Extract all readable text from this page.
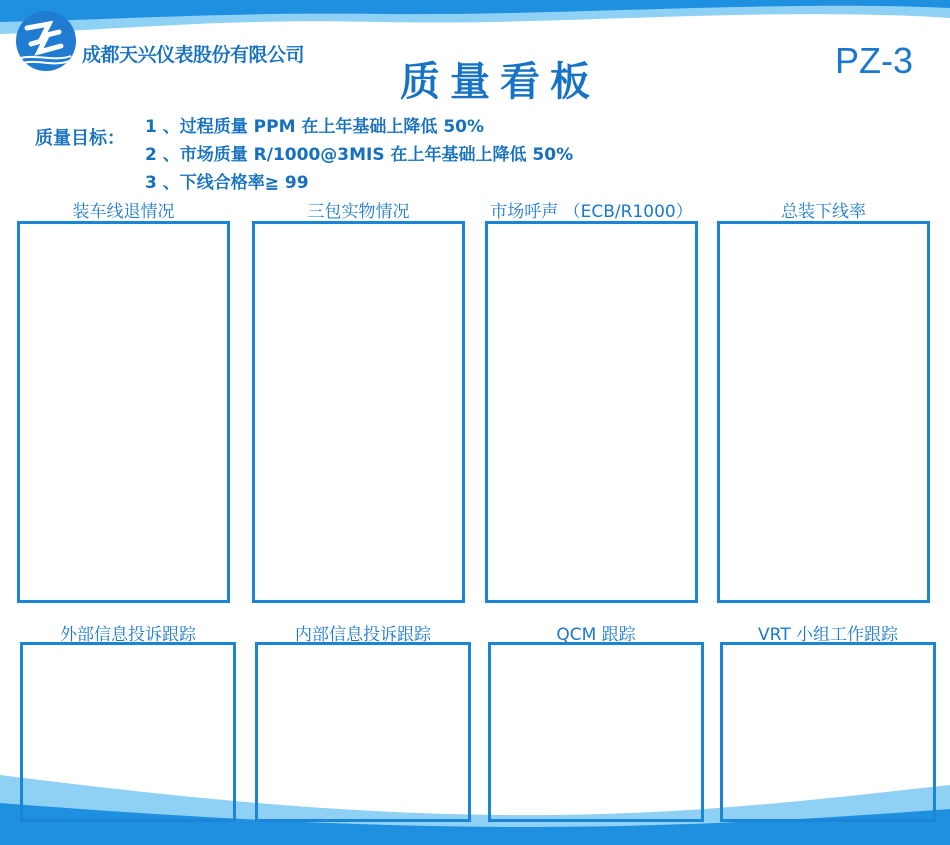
成都天兴仪表股份有限公司
质量看板	PZ-3
质量目标：
1 、过程质量 PPM 在上年基础上降低 50%
2 、市场质量 R/1000@3MIS 在上年基础上降低 50%
3 、下线合格率≧ 99
装车线退情况	三包实物情况	市场呼声 （ECB/R1000）	总装下线率
外部信息投诉跟踪	内部信息投诉跟踪	QCM 跟踪	VRT 小组工作跟踪
